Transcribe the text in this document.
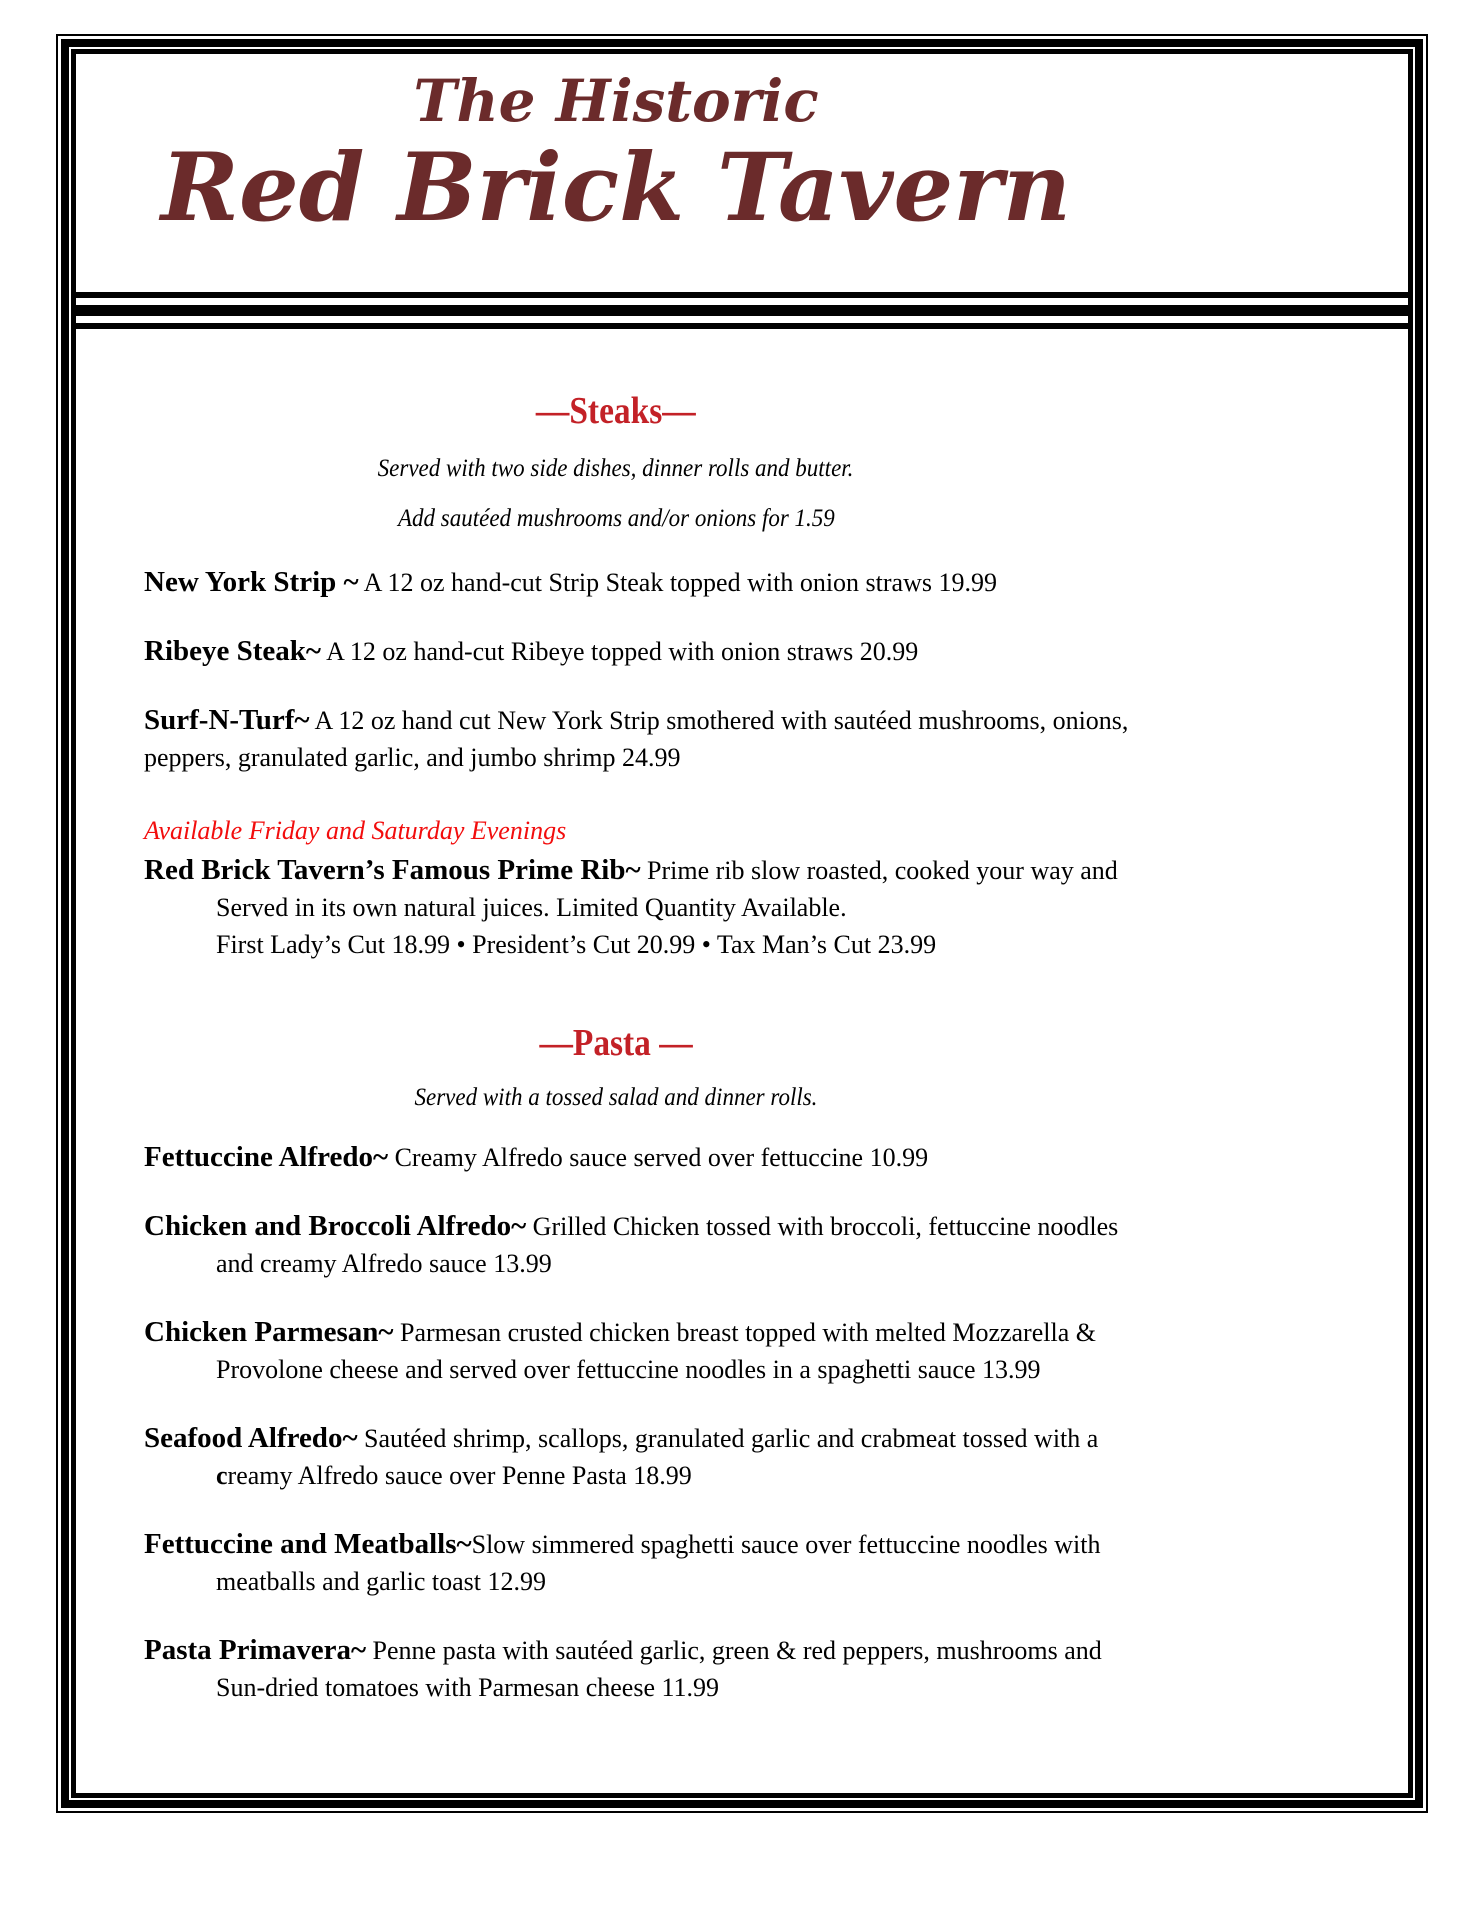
The Historic
Red Brick Tavern
—Steaks—

Served with two side dishes, dinner rolls and butter.

Add sautéed mushrooms and/or onions for 1.59

New York Strip ~ A 12 oz hand-cut Strip Steak topped with onion straws 19.99
Ribeye Steak~ A 12 oz hand-cut Ribeye topped with onion straws 20.99
Surf-N-Turf~ A 12 oz hand cut New York Strip smothered with sautéed mushrooms, onions,
peppers, granulated garlic, and jumbo shrimp 24.99
Available Friday and Saturday Evenings
Red Brick Tavern’s Famous Prime Rib~ Prime rib slow roasted, cooked your way and
Served in its own natural juices. Limited Quantity Available.
First Lady’s Cut 18.99 • President’s Cut 20.99 • Tax Man’s Cut 23.99
—Pasta —

Served with a tossed salad and dinner rolls.

Fettuccine Alfredo~ Creamy Alfredo sauce served over fettuccine 10.99
Chicken and Broccoli Alfredo~ Grilled Chicken tossed with broccoli, fettuccine noodles
and creamy Alfredo sauce 13.99
Chicken Parmesan~ Parmesan crusted chicken breast topped with melted Mozzarella &
Provolone cheese and served over fettuccine noodles in a spaghetti sauce 13.99
Seafood Alfredo~ Sautéed shrimp, scallops, granulated garlic and crabmeat tossed with a
creamy Alfredo sauce over Penne Pasta 18.99
Fettuccine and Meatballs~Slow simmered spaghetti sauce over fettuccine noodles with
meatballs and garlic toast 12.99
Pasta Primavera~ Penne pasta with sautéed garlic, green & red peppers, mushrooms and
Sun-dried tomatoes with Parmesan cheese 11.99
